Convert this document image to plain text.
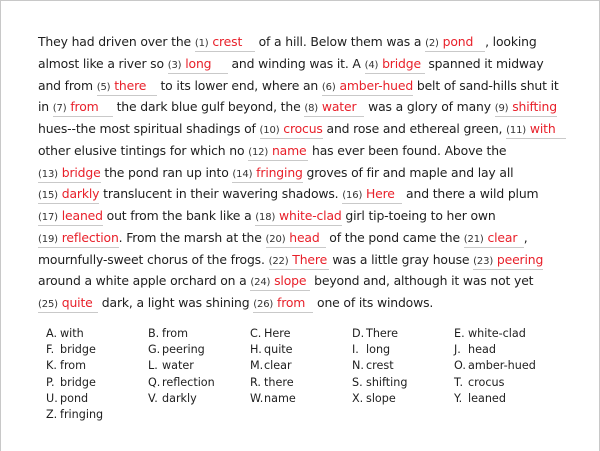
They had driven over the (1) crest of a hill. Below them was a (2) pond , looking almost like a river so (3) long and winding was it. A (4) bridge spanned it midway and from (5) there to its lower end, where an (6) amber-hued belt of sand-hills shut it in (7) from the dark blue gulf beyond, the (8) water was a glory of many (9) shifting hues--the most spiritual shadings of (10) crocus and rose and ethereal green, (11) with other elusive tintings for which no (12) name has ever been found. Above the (13) bridge the pond ran up into (14) fringing groves of fir and maple and lay all (15) darkly translucent in their wavering shadows. (16) Here and there a wild plum (17) leaned out from the bank like a (18) white-clad girl tip-toeing to her own (19) reflection. From the marsh at the (20) head of the pond came the (21) clear , mournfully-sweet chorus of the frogs. (22) There was a little gray house (23) peering around a white apple orchard on a (24) slope beyond and, although it was not yet (25) quite dark, a light was shining (26) from one of its windows.
A. with	B. from	C. Here	D. There	E. white-clad
F. bridge	G. peering	H. quite	I. long	J. head
K. from	L. water	M.clear	N. crest	O. amber-hued
P. bridge	Q. reflection	R. there	S. shifting	T. crocus
U. pond	V. darkly	W.name	X. slope	Y. leaned
Z. fringing
